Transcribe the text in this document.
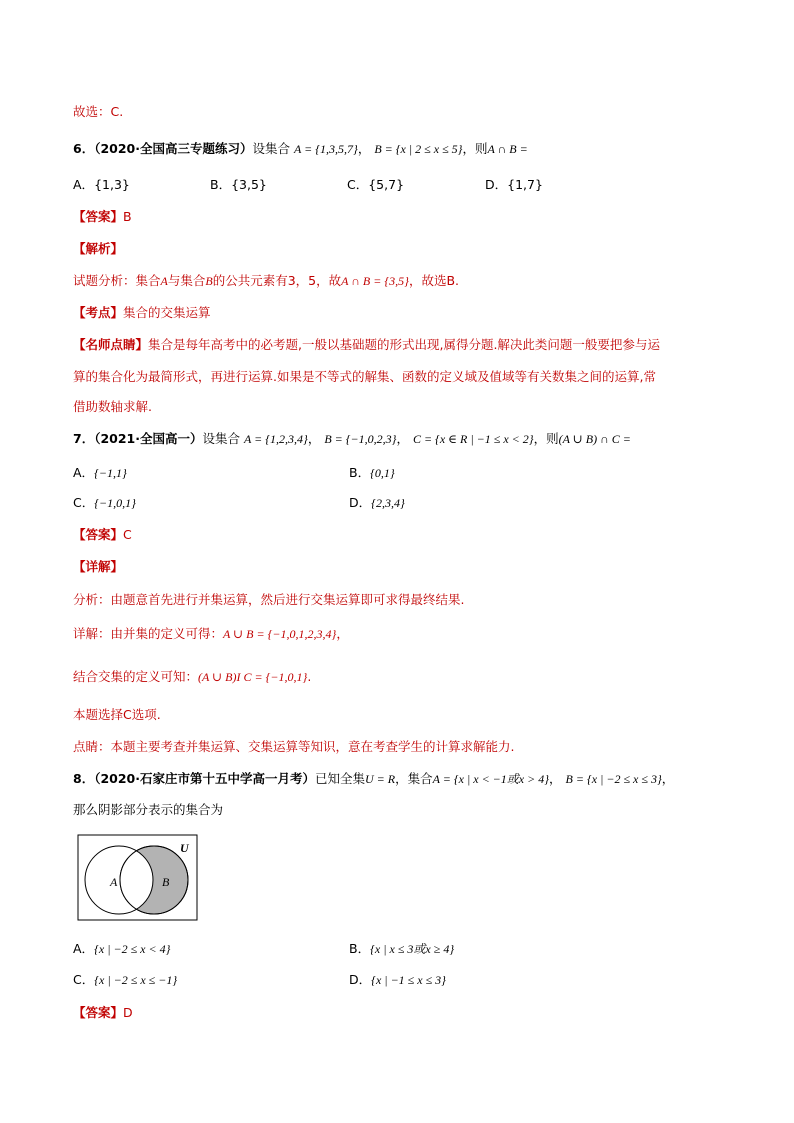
故选：C.
6．（2020·全国高三专题练习）设集合 A = {1,3,5,7}， B = {x | 2 ≤ x ≤ 5}，则A ∩ B =
A．{1,3}	B．{3,5}	C．{5,7}	D．{1,7}
【答案】B
【解析】
试题分析：集合A与集合B的公共元素有3，5，故A ∩ B = {3,5}，故选B.
【考点】集合的交集运算
【名师点睛】集合是每年高考中的必考题,一般以基础题的形式出现,属得分题.解决此类问题一般要把参与运
算的集合化为最简形式，再进行运算.如果是不等式的解集、函数的定义域及值域等有关数集之间的运算,常
借助数轴求解.
7．（2021·全国高一）设集合 A = {1,2,3,4}， B = {−1,0,2,3}， C = {x ∈ R | −1 ≤ x < 2}，则(A ∪ B) ∩ C =
A．{−1,1}	B．{0,1}
C．{−1,0,1}	D．{2,3,4}
【答案】C
【详解】
分析：由题意首先进行并集运算，然后进行交集运算即可求得最终结果.
详解：由并集的定义可得：A ∪ B = {−1,0,1,2,3,4}，
结合交集的定义可知：(A ∪ B)I C = {−1,0,1}.
本题选择C选项.
点睛：本题主要考查并集运算、交集运算等知识，意在考查学生的计算求解能力.
8．（2020·石家庄市第十五中学高一月考）已知全集U = R，集合A = {x | x < −1或x > 4}， B = {x | −2 ≤ x ≤ 3}，
那么阴影部分表示的集合为
U
A	B
A．{x | −2 ≤ x < 4}	B．{x | x ≤ 3或x ≥ 4}
C．{x | −2 ≤ x ≤ −1}	D．{x | −1 ≤ x ≤ 3}
【答案】D
